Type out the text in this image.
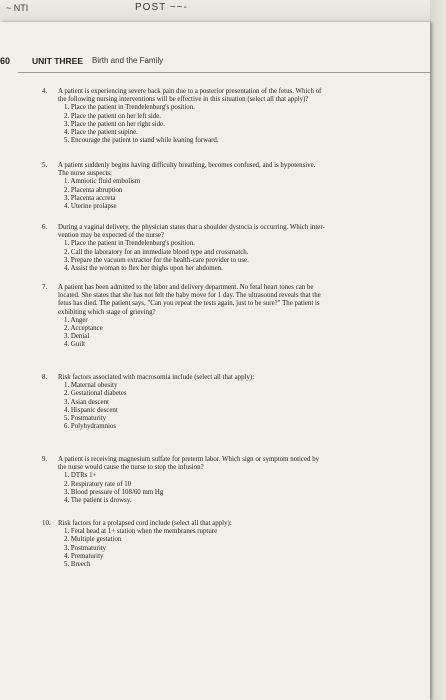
~ NTI	POST ~~-
60	UNIT THREE Birth and the Family
4. A patient is experiencing severe back pain due to a posterior presentation of the fetus. Which of
the following nursing interventions will be effective in this situation (select all that apply)?
1. Place the patient in Trendelenburg's position.
2. Place the patient on her left side.
3. Place the patient on her right side.
4. Place the patient supine.
5. Encourage the patient to stand while leaning forward.
5. A patient suddenly begins having difficulty breathing, becomes confused, and is hypotensive.
The nurse suspects:
1. Amniotic fluid embolism
2. Placenta abruption
3. Placenta accreta
4. Uterine prolapse
6. During a vaginal delivery, the physician states that a shoulder dystocia is occurring. Which inter-
vention may be expected of the nurse?
1. Place the patient in Trendelenburg's position.
2. Call the laboratory for an immediate blood type and crossmatch.
3. Prepare the vacuum extractor for the health-care provider to use.
4. Assist the woman to flex her thighs upon her abdomen.
7. A patient has been admitted to the labor and delivery department. No fetal heart tones can be
located. She states that she has not felt the baby move for 1 day. The ultrasound reveals that the
fetus has died. The patient says, "Can you repeat the tests again, just to be sure?" The patient is
exhibiting which stage of grieving?
1. Anger
2. Acceptance
3. Denial
4. Guilt
8. Risk factors associated with macrosomia include (select all that apply):
1. Maternal obesity
2. Gestational diabetes
3. Asian descent
4. Hispanic descent
5. Postmaturity
6. Polyhydramnios
9. A patient is receiving magnesium sulfate for preterm labor. Which sign or symptom noticed by
the nurse would cause the nurse to stop the infusion?
1. DTRs 1+
2. Respiratory rate of 10
3. Blood pressure of 108/60 mm Hg
4. The patient is drowsy.
10. Risk factors for a prolapsed cord include (select all that apply):
1. Fetal head at 1+ station when the membranes rupture
2. Multiple gestation
3. Postmaturity
4. Prematurity
5. Breech
